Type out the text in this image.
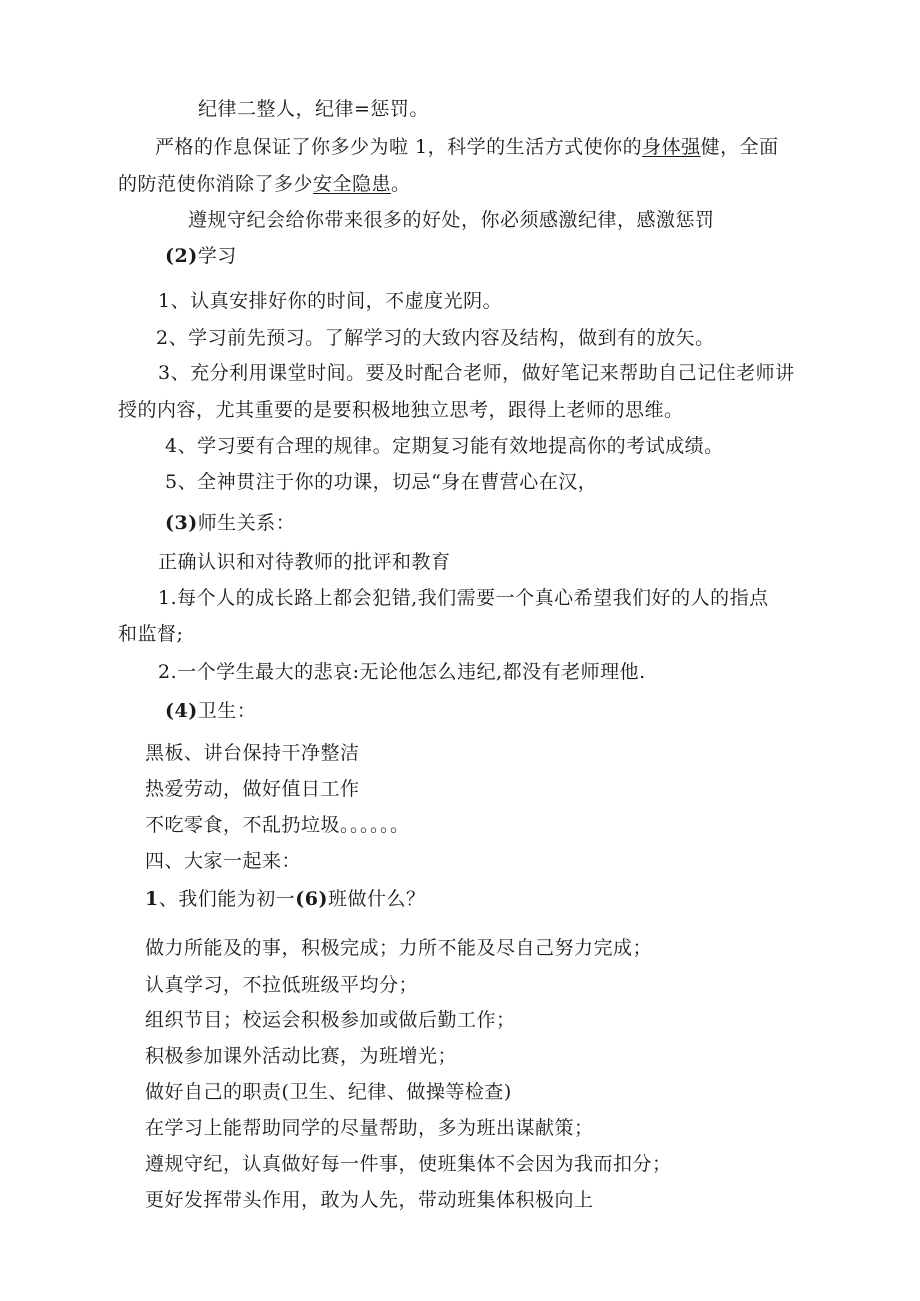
纪律二整人，纪律=惩罚。
严格的作息保证了你多少为啦 1，科学的生活方式使你的身体强健，全面
的防范使你消除了多少安全隐患。
遵规守纪会给你带来很多的好处，你必须感激纪律，感激惩罚
(2)学习
1、认真安排好你的时间，不虚度光阴。
2、学习前先预习。了解学习的大致内容及结构，做到有的放矢。
3、充分利用课堂时间。要及时配合老师，做好笔记来帮助自己记住老师讲
授的内容，尤其重要的是要积极地独立思考，跟得上老师的思维。
4、学习要有合理的规律。定期复习能有效地提高你的考试成绩。
5、全神贯注于你的功课，切忌“身在曹营心在汉，
(3)师生关系：
正确认识和对待教师的批评和教育
1.每个人的成长路上都会犯错,我们需要一个真心希望我们好的人的指点
和监督;
2.一个学生最大的悲哀:无论他怎么违纪,都没有老师理他.
(4)卫生：
黑板、讲台保持干净整洁
热爱劳动，做好值日工作
不吃零食，不乱扔垃圾。。。。。。
四、大家一起来：
1、我们能为初一(6)班做什么？
做力所能及的事，积极完成；力所不能及尽自己努力完成；
认真学习，不拉低班级平均分；
组织节目；校运会积极参加或做后勤工作；
积极参加课外活动比赛，为班增光；
做好自己的职责(卫生、纪律、做操等检查)
在学习上能帮助同学的尽量帮助，多为班出谋献策；
遵规守纪，认真做好每一件事，使班集体不会因为我而扣分；
更好发挥带头作用，敢为人先，带动班集体积极向上
